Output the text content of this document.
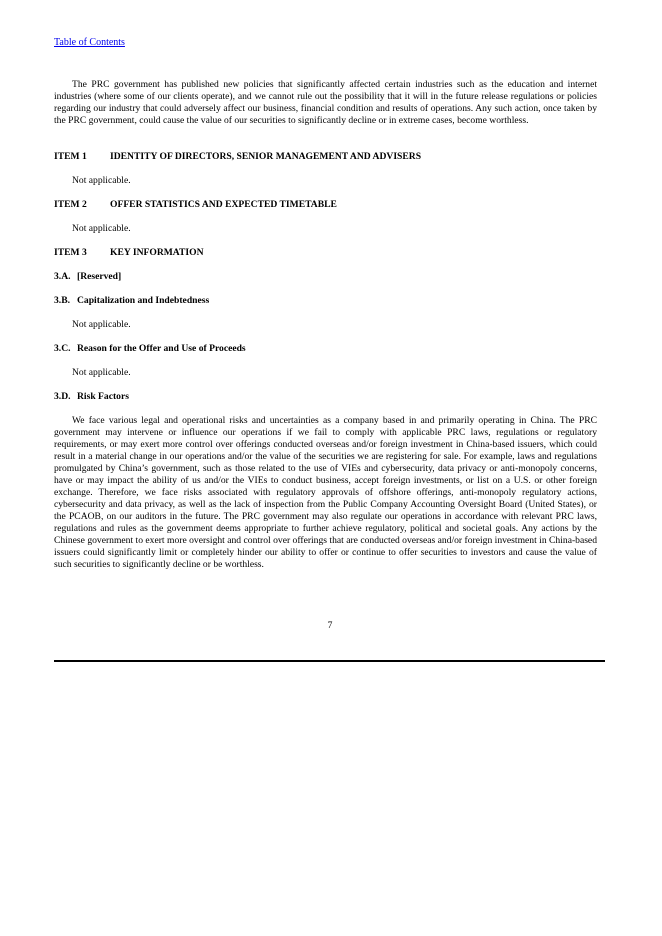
Table of Contents

The PRC government has published new policies that significantly affected certain industries such as the education and internet industries (where some of our clients operate), and we cannot rule out the possibility that it will in the future release regulations or policies regarding our industry that could adversely affect our business, financial condition and results of operations. Any such action, once taken by the PRC government, could cause the value of our securities to significantly decline or in extreme cases, become worthless.

ITEM 1 IDENTITY OF DIRECTORS, SENIOR MANAGEMENT AND ADVISERS
Not applicable.
ITEM 2 OFFER STATISTICS AND EXPECTED TIMETABLE
Not applicable.
ITEM 3 KEY INFORMATION
3.A. [Reserved]
3.B. Capitalization and Indebtedness
Not applicable.
3.C. Reason for the Offer and Use of Proceeds
Not applicable.
3.D. Risk Factors

We face various legal and operational risks and uncertainties as a company based in and primarily operating in China. The PRC government may intervene or influence our operations if we fail to comply with applicable PRC laws, regulations or regulatory requirements, or may exert more control over offerings conducted overseas and/or foreign investment in China-based issuers, which could result in a material change in our operations and/or the value of the securities we are registering for sale. For example, laws and regulations promulgated by China’s government, such as those related to the use of VIEs and cybersecurity, data privacy or anti-monopoly concerns, have or may impact the ability of us and/or the VIEs to conduct business, accept foreign investments, or list on a U.S. or other foreign exchange. Therefore, we face risks associated with regulatory approvals of offshore offerings, anti-monopoly regulatory actions, cybersecurity and data privacy, as well as the lack of inspection from the Public Company Accounting Oversight Board (United States), or the PCAOB, on our auditors in the future. The PRC government may also regulate our operations in accordance with relevant PRC laws, regulations and rules as the government deems appropriate to further achieve regulatory, political and societal goals. Any actions by the Chinese government to exert more oversight and control over offerings that are conducted overseas and/or foreign investment in China-based issuers could significantly limit or completely hinder our ability to offer or continue to offer securities to investors and cause the value of such securities to significantly decline or be worthless.

7
